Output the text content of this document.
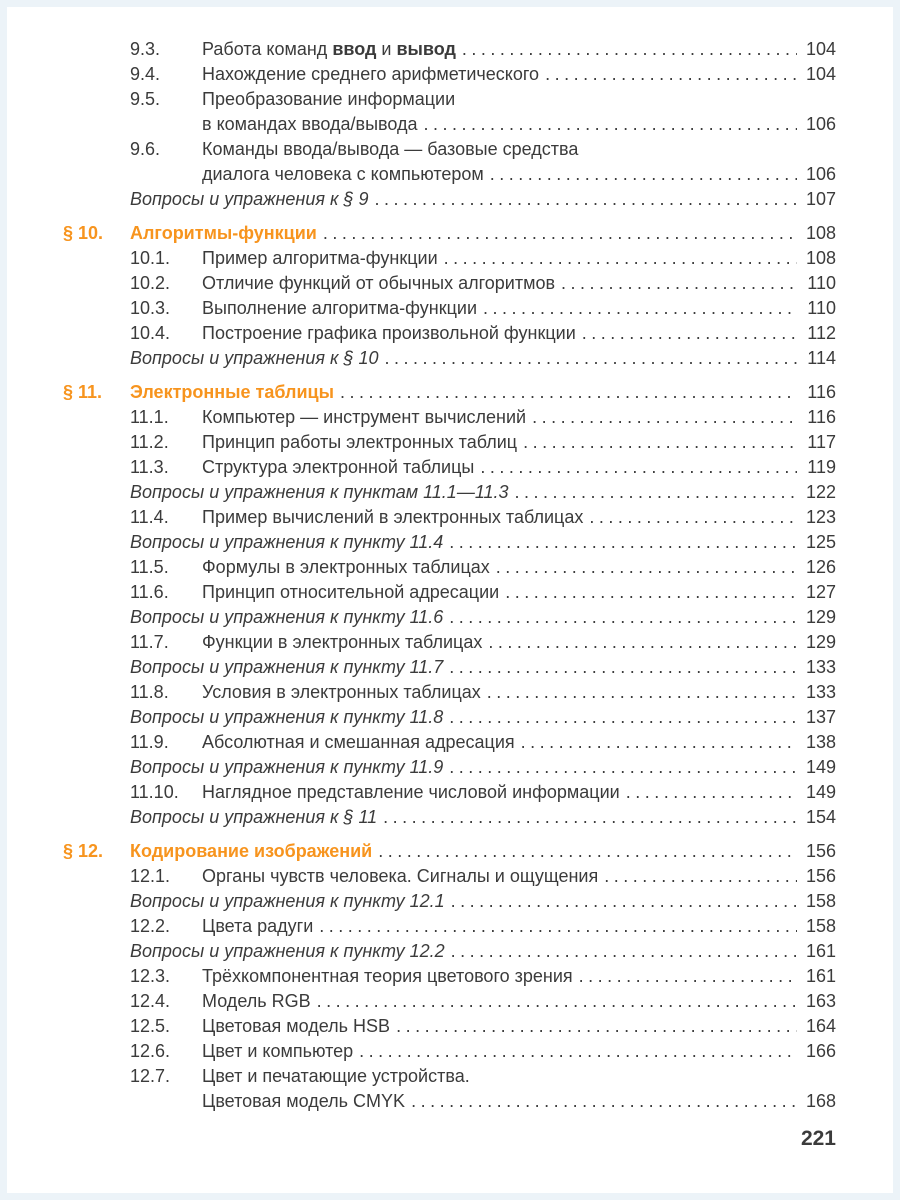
9.3.	Работа команд ввод и вывод .....	104
9.4.	Нахождение среднего арифметического .....	104
9.5.	Преобразование информации
в командах ввода/вывода .....	106
9.6.	Команды ввода/вывода — базовые средства
диалога человека с компьютером .....	106
Вопросы и упражнения к § 9 .....	107
§ 10.	Алгоритмы-функции .....	108
10.1.	Пример алгоритма-функции .....	108
10.2.	Отличие функций от обычных алгоритмов .....	110
10.3.	Выполнение алгоритма-функции .....	110
10.4.	Построение графика произвольной функции .....	112
Вопросы и упражнения к § 10 .....	114
§ 11.	Электронные таблицы .....	116
11.1.	Компьютер — инструмент вычислений .....	116
11.2.	Принцип работы электронных таблиц .....	117
11.3.	Структура электронной таблицы .....	119
Вопросы и упражнения к пунктам 11.1—11.3 .....	122
11.4.	Пример вычислений в электронных таблицах .....	123
Вопросы и упражнения к пункту 11.4 .....	125
11.5.	Формулы в электронных таблицах .....	126
11.6.	Принцип относительной адресации .....	127
Вопросы и упражнения к пункту 11.6 .....	129
11.7.	Функции в электронных таблицах .....	129
Вопросы и упражнения к пункту 11.7 .....	133
11.8.	Условия в электронных таблицах .....	133
Вопросы и упражнения к пункту 11.8 .....	137
11.9.	Абсолютная и смешанная адресация .....	138
Вопросы и упражнения к пункту 11.9 .....	149
11.10.	Наглядное представление числовой информации .....	149
Вопросы и упражнения к § 11 .....	154
§ 12.	Кодирование изображений .....	156
12.1.	Органы чувств человека. Сигналы и ощущения .....	156
Вопросы и упражнения к пункту 12.1 .....	158
12.2.	Цвета радуги .....	158
Вопросы и упражнения к пункту 12.2 .....	161
12.3.	Трёхкомпонентная теория цветового зрения .....	161
12.4.	Модель RGB .....	163
12.5.	Цветовая модель HSB .....	164
12.6.	Цвет и компьютер .....	166
12.7.	Цвет и печатающие устройства.
Цветовая модель CMYK .....	168
221
